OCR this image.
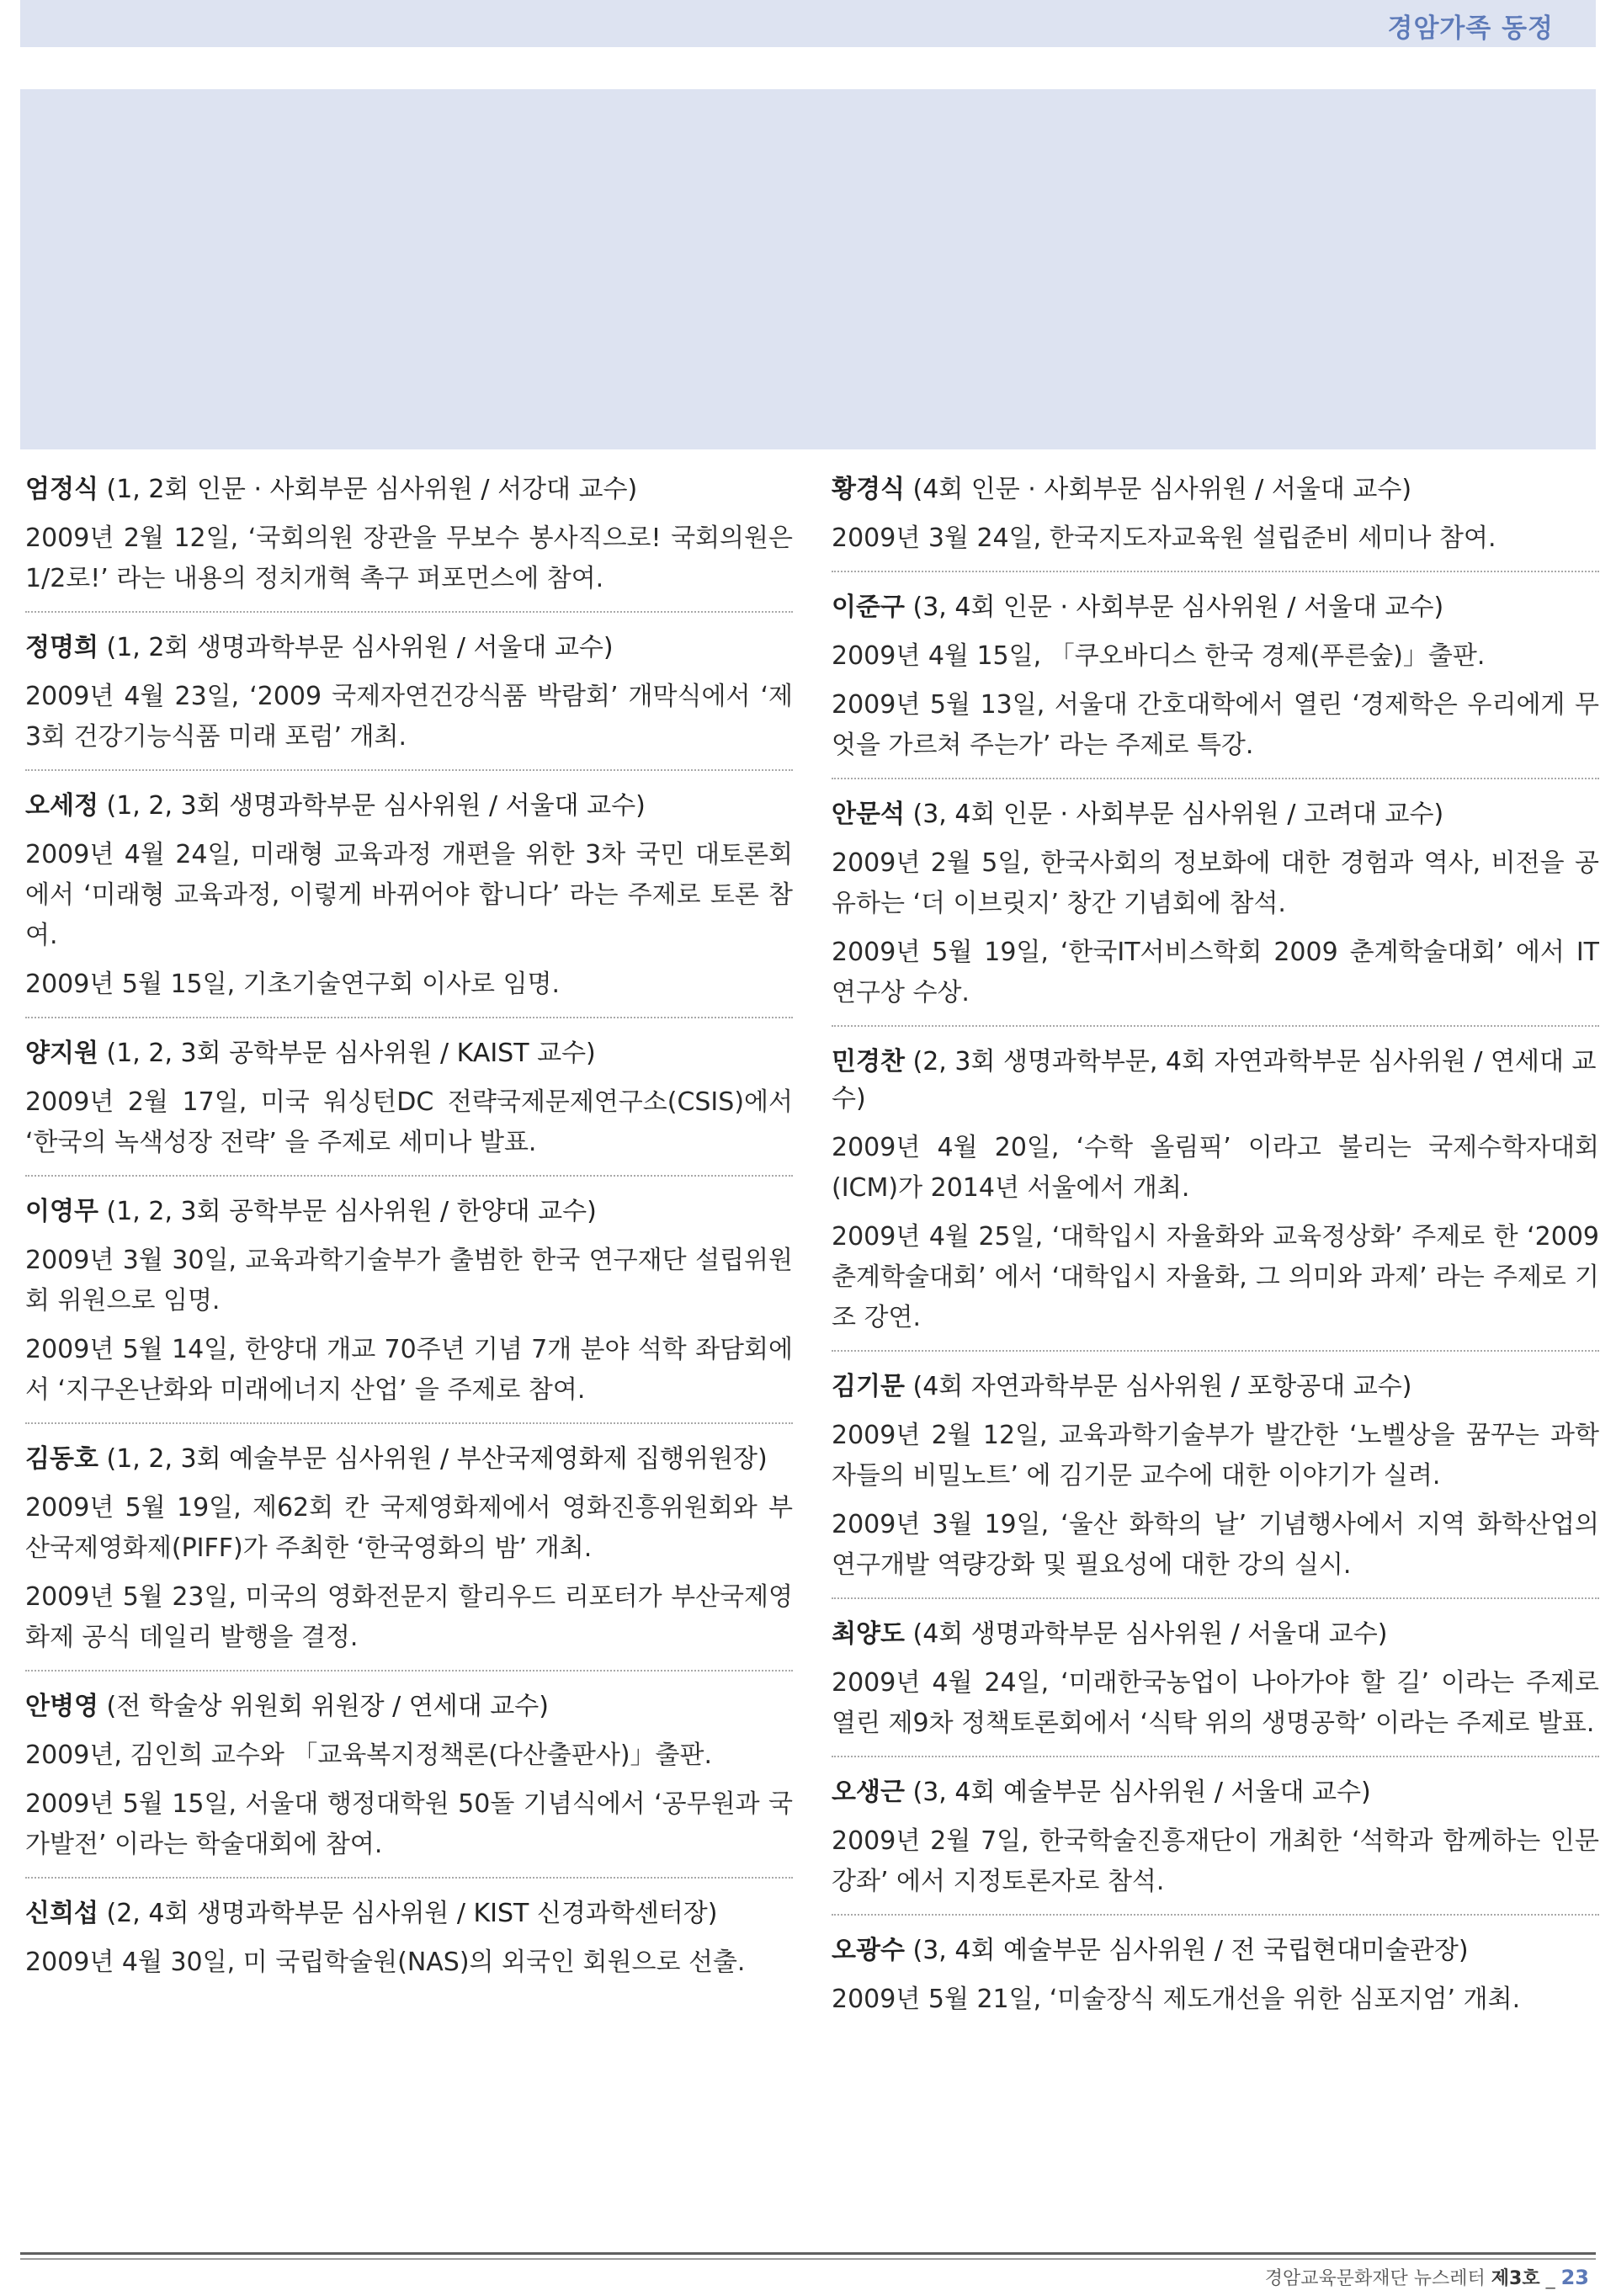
경암가족 동정
엄정식 (1, 2회 인문 · 사회부문 심사위원 / 서강대 교수)
2009년 2월 12일, ‘국회의원 장관을 무보수 봉사직으로! 국회의원은 1/2로!’ 라는 내용의 정치개혁 촉구 퍼포먼스에 참여.
정명희 (1, 2회 생명과학부문 심사위원 / 서울대 교수)
2009년 4월 23일, ‘2009 국제자연건강식품 박람회’ 개막식에서 ‘제3회 건강기능식품 미래 포럼’ 개최.
오세정 (1, 2, 3회 생명과학부문 심사위원 / 서울대 교수)
2009년 4월 24일, 미래형 교육과정 개편을 위한 3차 국민 대토론회에서 ‘미래형 교육과정, 이렇게 바뀌어야 합니다’ 라는 주제로 토론 참여.
2009년 5월 15일, 기초기술연구회 이사로 임명.
양지원 (1, 2, 3회 공학부문 심사위원 / KAIST 교수)
2009년 2월 17일, 미국 워싱턴DC 전략국제문제연구소(CSIS)에서 ‘한국의 녹색성장 전략’ 을 주제로 세미나 발표.
이영무 (1, 2, 3회 공학부문 심사위원 / 한양대 교수)
2009년 3월 30일, 교육과학기술부가 출범한 한국 연구재단 설립위원회 위원으로 임명.
2009년 5월 14일, 한양대 개교 70주년 기념 7개 분야 석학 좌담회에서 ‘지구온난화와 미래에너지 산업’ 을 주제로 참여.
김동호 (1, 2, 3회 예술부문 심사위원 / 부산국제영화제 집행위원장)
2009년 5월 19일, 제62회 칸 국제영화제에서 영화진흥위원회와 부산국제영화제(PIFF)가 주최한 ‘한국영화의 밤’ 개최.
2009년 5월 23일, 미국의 영화전문지 할리우드 리포터가 부산국제영화제 공식 데일리 발행을 결정.
안병영 (전 학술상 위원회 위원장 / 연세대 교수)
2009년, 김인희 교수와 「교육복지정책론(다산출판사)」출판.
2009년 5월 15일, 서울대 행정대학원 50돌 기념식에서 ‘공무원과 국가발전’ 이라는 학술대회에 참여.
신희섭 (2, 4회 생명과학부문 심사위원 / KIST 신경과학센터장)
2009년 4월 30일, 미 국립학술원(NAS)의 외국인 회원으로 선출.
황경식 (4회 인문 · 사회부문 심사위원 / 서울대 교수)
2009년 3월 24일, 한국지도자교육원 설립준비 세미나 참여.
이준구 (3, 4회 인문 · 사회부문 심사위원 / 서울대 교수)
2009년 4월 15일, 「쿠오바디스 한국 경제(푸른숲)」출판.
2009년 5월 13일, 서울대 간호대학에서 열린 ‘경제학은 우리에게 무엇을 가르쳐 주는가’ 라는 주제로 특강.
안문석 (3, 4회 인문 · 사회부문 심사위원 / 고려대 교수)
2009년 2월 5일, 한국사회의 정보화에 대한 경험과 역사, 비전을 공유하는 ‘더 이브릿지’ 창간 기념회에 참석.
2009년 5월 19일, ‘한국IT서비스학회 2009 춘계학술대회’ 에서 IT 연구상 수상.
민경찬 (2, 3회 생명과학부문, 4회 자연과학부문 심사위원 / 연세대 교수)
2009년 4월 20일, ‘수학 올림픽’ 이라고 불리는 국제수학자대회(ICM)가 2014년 서울에서 개최.
2009년 4월 25일, ‘대학입시 자율화와 교육정상화’ 주제로 한 ‘2009 춘계학술대회’ 에서 ‘대학입시 자율화, 그 의미와 과제’ 라는 주제로 기조 강연.
김기문 (4회 자연과학부문 심사위원 / 포항공대 교수)
2009년 2월 12일, 교육과학기술부가 발간한 ‘노벨상을 꿈꾸는 과학자들의 비밀노트’ 에 김기문 교수에 대한 이야기가 실려.
2009년 3월 19일, ‘울산 화학의 날’ 기념행사에서 지역 화학산업의 연구개발 역량강화 및 필요성에 대한 강의 실시.
최양도 (4회 생명과학부문 심사위원 / 서울대 교수)
2009년 4월 24일, ‘미래한국농업이 나아가야 할 길’ 이라는 주제로 열린 제9차 정책토론회에서 ‘식탁 위의 생명공학’ 이라는 주제로 발표.
오생근 (3, 4회 예술부문 심사위원 / 서울대 교수)
2009년 2월 7일, 한국학술진흥재단이 개최한 ‘석학과 함께하는 인문강좌’ 에서 지정토론자로 참석.
오광수 (3, 4회 예술부문 심사위원 / 전 국립현대미술관장)
2009년 5월 21일, ‘미술장식 제도개선을 위한 심포지엄’ 개최.
경암교육문화재단 뉴스레터 제3호 _ 23
